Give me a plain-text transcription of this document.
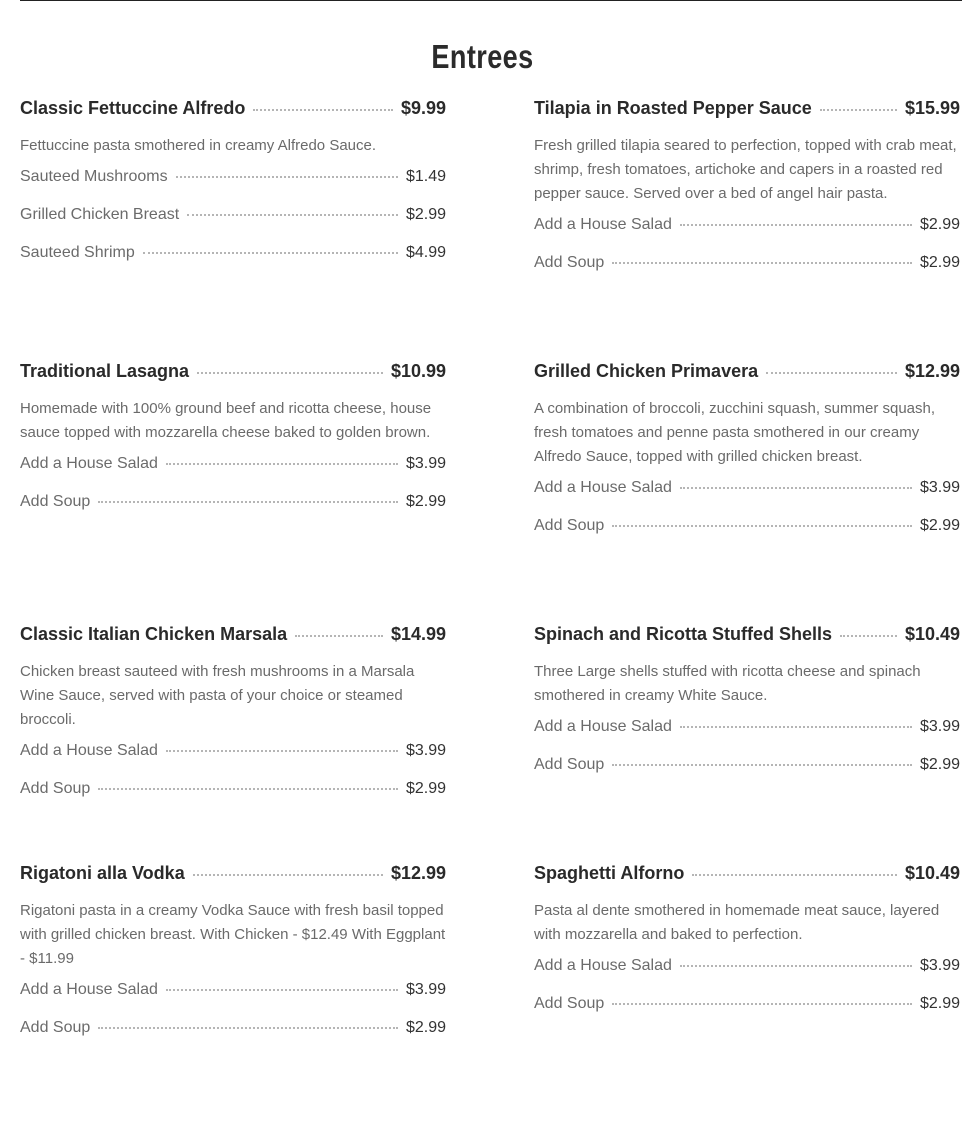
Entrees
Classic Fettuccine Alfredo	$9.99
Fettuccine pasta smothered in creamy Alfredo Sauce.
Sauteed Mushrooms	$1.49
Grilled Chicken Breast	$2.99
Sauteed Shrimp	$4.99
Tilapia in Roasted Pepper Sauce	$15.99
Fresh grilled tilapia seared to perfection, topped with crab meat, shrimp, fresh tomatoes, artichoke and capers in a roasted red pepper sauce. Served over a bed of angel hair pasta.
Add a House Salad	$2.99
Add Soup	$2.99
Traditional Lasagna	$10.99
Homemade with 100% ground beef and ricotta cheese, house sauce topped with mozzarella cheese baked to golden brown.
Add a House Salad	$3.99
Add Soup	$2.99
Grilled Chicken Primavera	$12.99
A combination of broccoli, zucchini squash, summer squash, fresh tomatoes and penne pasta smothered in our creamy Alfredo Sauce, topped with grilled chicken breast.
Add a House Salad	$3.99
Add Soup	$2.99
Classic Italian Chicken Marsala	$14.99
Chicken breast sauteed with fresh mushrooms in a Marsala Wine Sauce, served with pasta of your choice or steamed broccoli.
Add a House Salad	$3.99
Add Soup	$2.99
Spinach and Ricotta Stuffed Shells	$10.49
Three Large shells stuffed with ricotta cheese and spinach smothered in creamy White Sauce.
Add a House Salad	$3.99
Add Soup	$2.99
Rigatoni alla Vodka	$12.99
Rigatoni pasta in a creamy Vodka Sauce with fresh basil topped with grilled chicken breast. With Chicken - $12.49 With Eggplant - $11.99
Add a House Salad	$3.99
Add Soup	$2.99
Spaghetti Alforno	$10.49
Pasta al dente smothered in homemade meat sauce, layered with mozzarella and baked to perfection.
Add a House Salad	$3.99
Add Soup	$2.99
